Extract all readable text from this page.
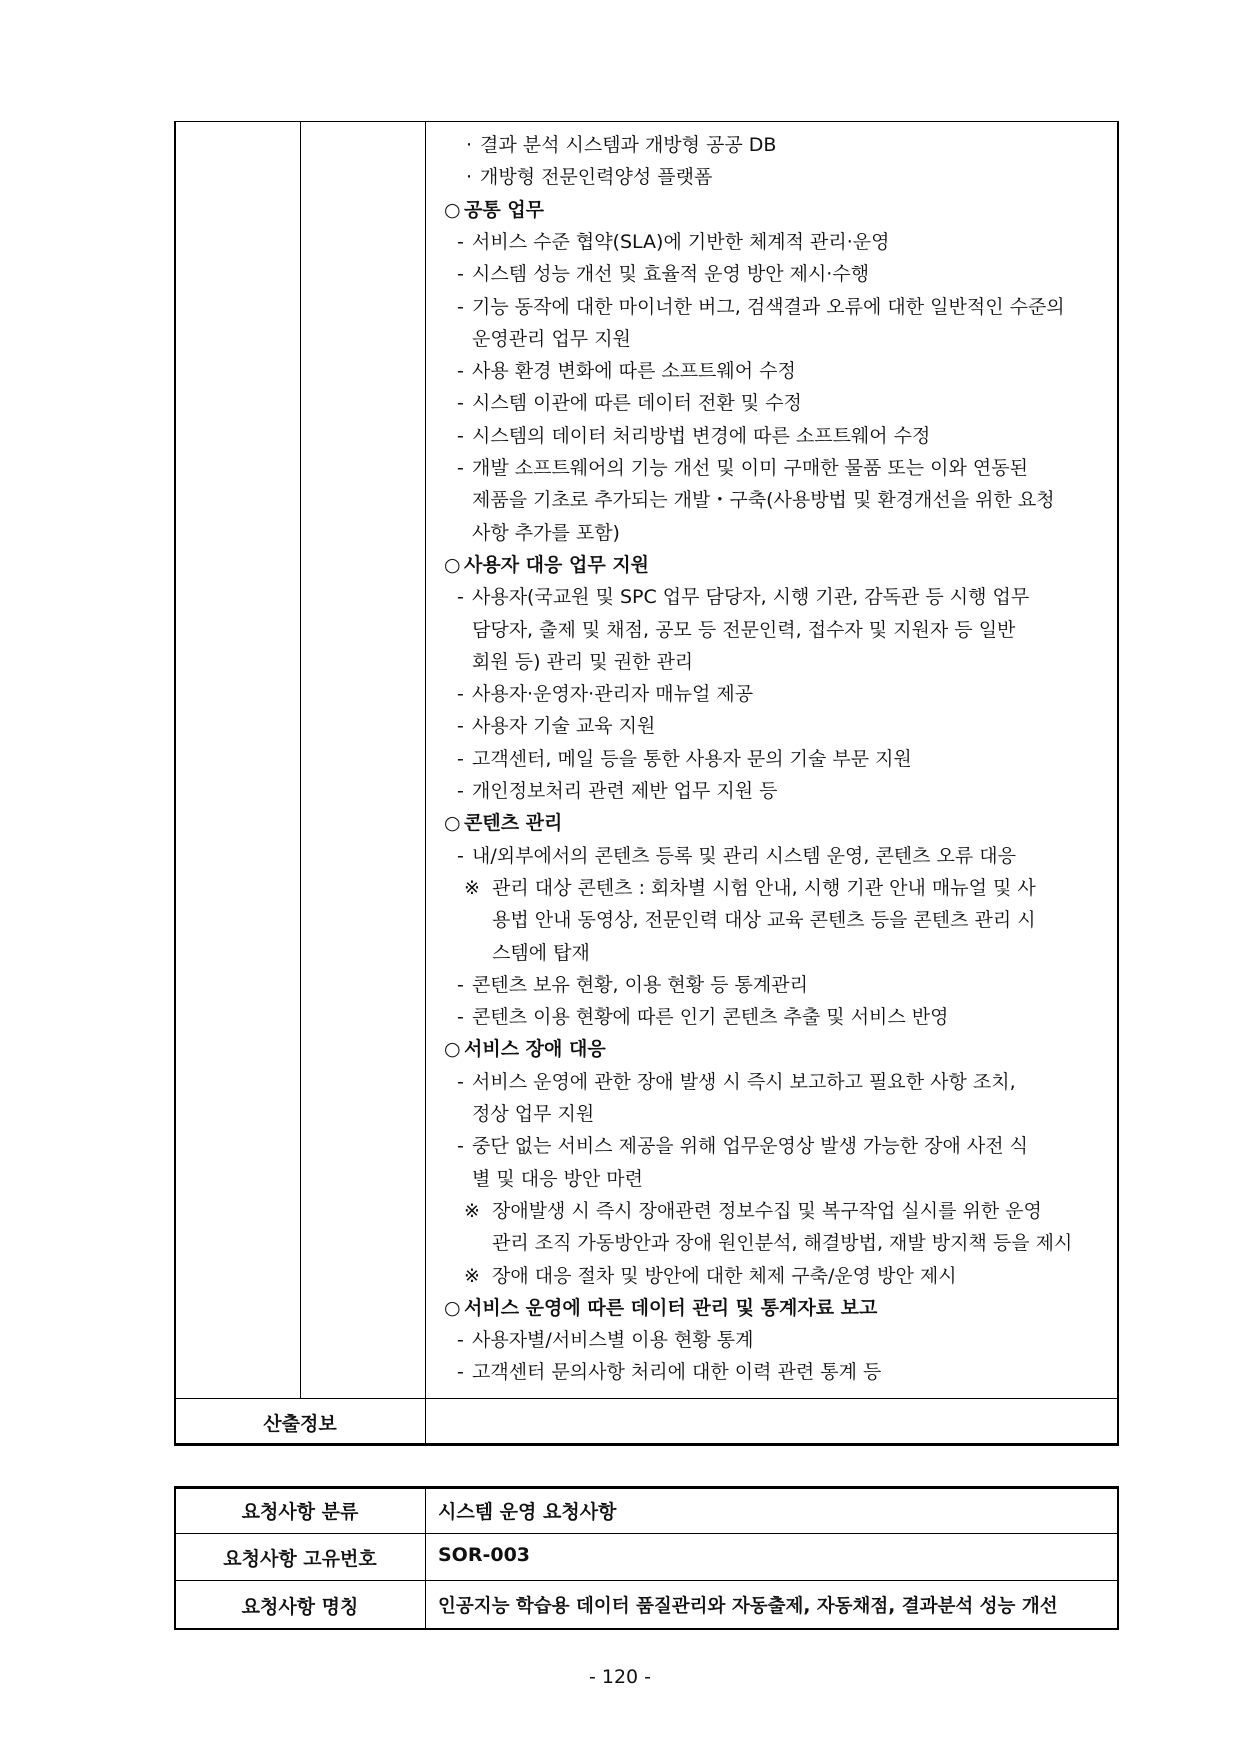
· 결과 분석 시스템과 개방형 공공 DB
· 개방형 전문인력양성 플랫폼
○ 공통 업무
- 서비스 수준 협약(SLA)에 기반한 체계적 관리·운영
- 시스템 성능 개선 및 효율적 운영 방안 제시·수행
- 기능 동작에 대한 마이너한 버그, 검색결과 오류에 대한 일반적인 수준의
운영관리 업무 지원
- 사용 환경 변화에 따른 소프트웨어 수정
- 시스템 이관에 따른 데이터 전환 및 수정
- 시스템의 데이터 처리방법 변경에 따른 소프트웨어 수정
- 개발 소프트웨어의 기능 개선 및 이미 구매한 물품 또는 이와 연동된
제품을 기초로 추가되는 개발・구축(사용방법 및 환경개선을 위한 요청
사항 추가를 포함)
○ 사용자 대응 업무 지원
- 사용자(국교원 및 SPC 업무 담당자, 시행 기관, 감독관 등 시행 업무
담당자, 출제 및 채점, 공모 등 전문인력, 접수자 및 지원자 등 일반
회원 등) 관리 및 권한 관리
- 사용자·운영자·관리자 매뉴얼 제공
- 사용자 기술 교육 지원
- 고객센터, 메일 등을 통한 사용자 문의 기술 부문 지원
- 개인정보처리 관련 제반 업무 지원 등
○ 콘텐츠 관리
- 내/외부에서의 콘텐츠 등록 및 관리 시스템 운영, 콘텐츠 오류 대응
※ 관리 대상 콘텐츠 : 회차별 시험 안내, 시행 기관 안내 매뉴얼 및 사
용법 안내 동영상, 전문인력 대상 교육 콘텐츠 등을 콘텐츠 관리 시
스템에 탑재
- 콘텐츠 보유 현황, 이용 현황 등 통계관리
- 콘텐츠 이용 현황에 따른 인기 콘텐츠 추출 및 서비스 반영
○ 서비스 장애 대응
- 서비스 운영에 관한 장애 발생 시 즉시 보고하고 필요한 사항 조치,
정상 업무 지원
- 중단 없는 서비스 제공을 위해 업무운영상 발생 가능한 장애 사전 식
별 및 대응 방안 마련
※ 장애발생 시 즉시 장애관련 정보수집 및 복구작업 실시를 위한 운영
관리 조직 가동방안과 장애 원인분석, 해결방법, 재발 방지책 등을 제시
※ 장애 대응 절차 및 방안에 대한 체제 구축/운영 방안 제시
○ 서비스 운영에 따른 데이터 관리 및 통계자료 보고
- 사용자별/서비스별 이용 현황 통계
- 고객센터 문의사항 처리에 대한 이력 관련 통계 등
산출정보
요청사항 분류	시스템 운영 요청사항
요청사항 고유번호	SOR-003
요청사항 명칭	인공지능 학습용 데이터 품질관리와 자동출제, 자동채점, 결과분석 성능 개선
- 120 -
